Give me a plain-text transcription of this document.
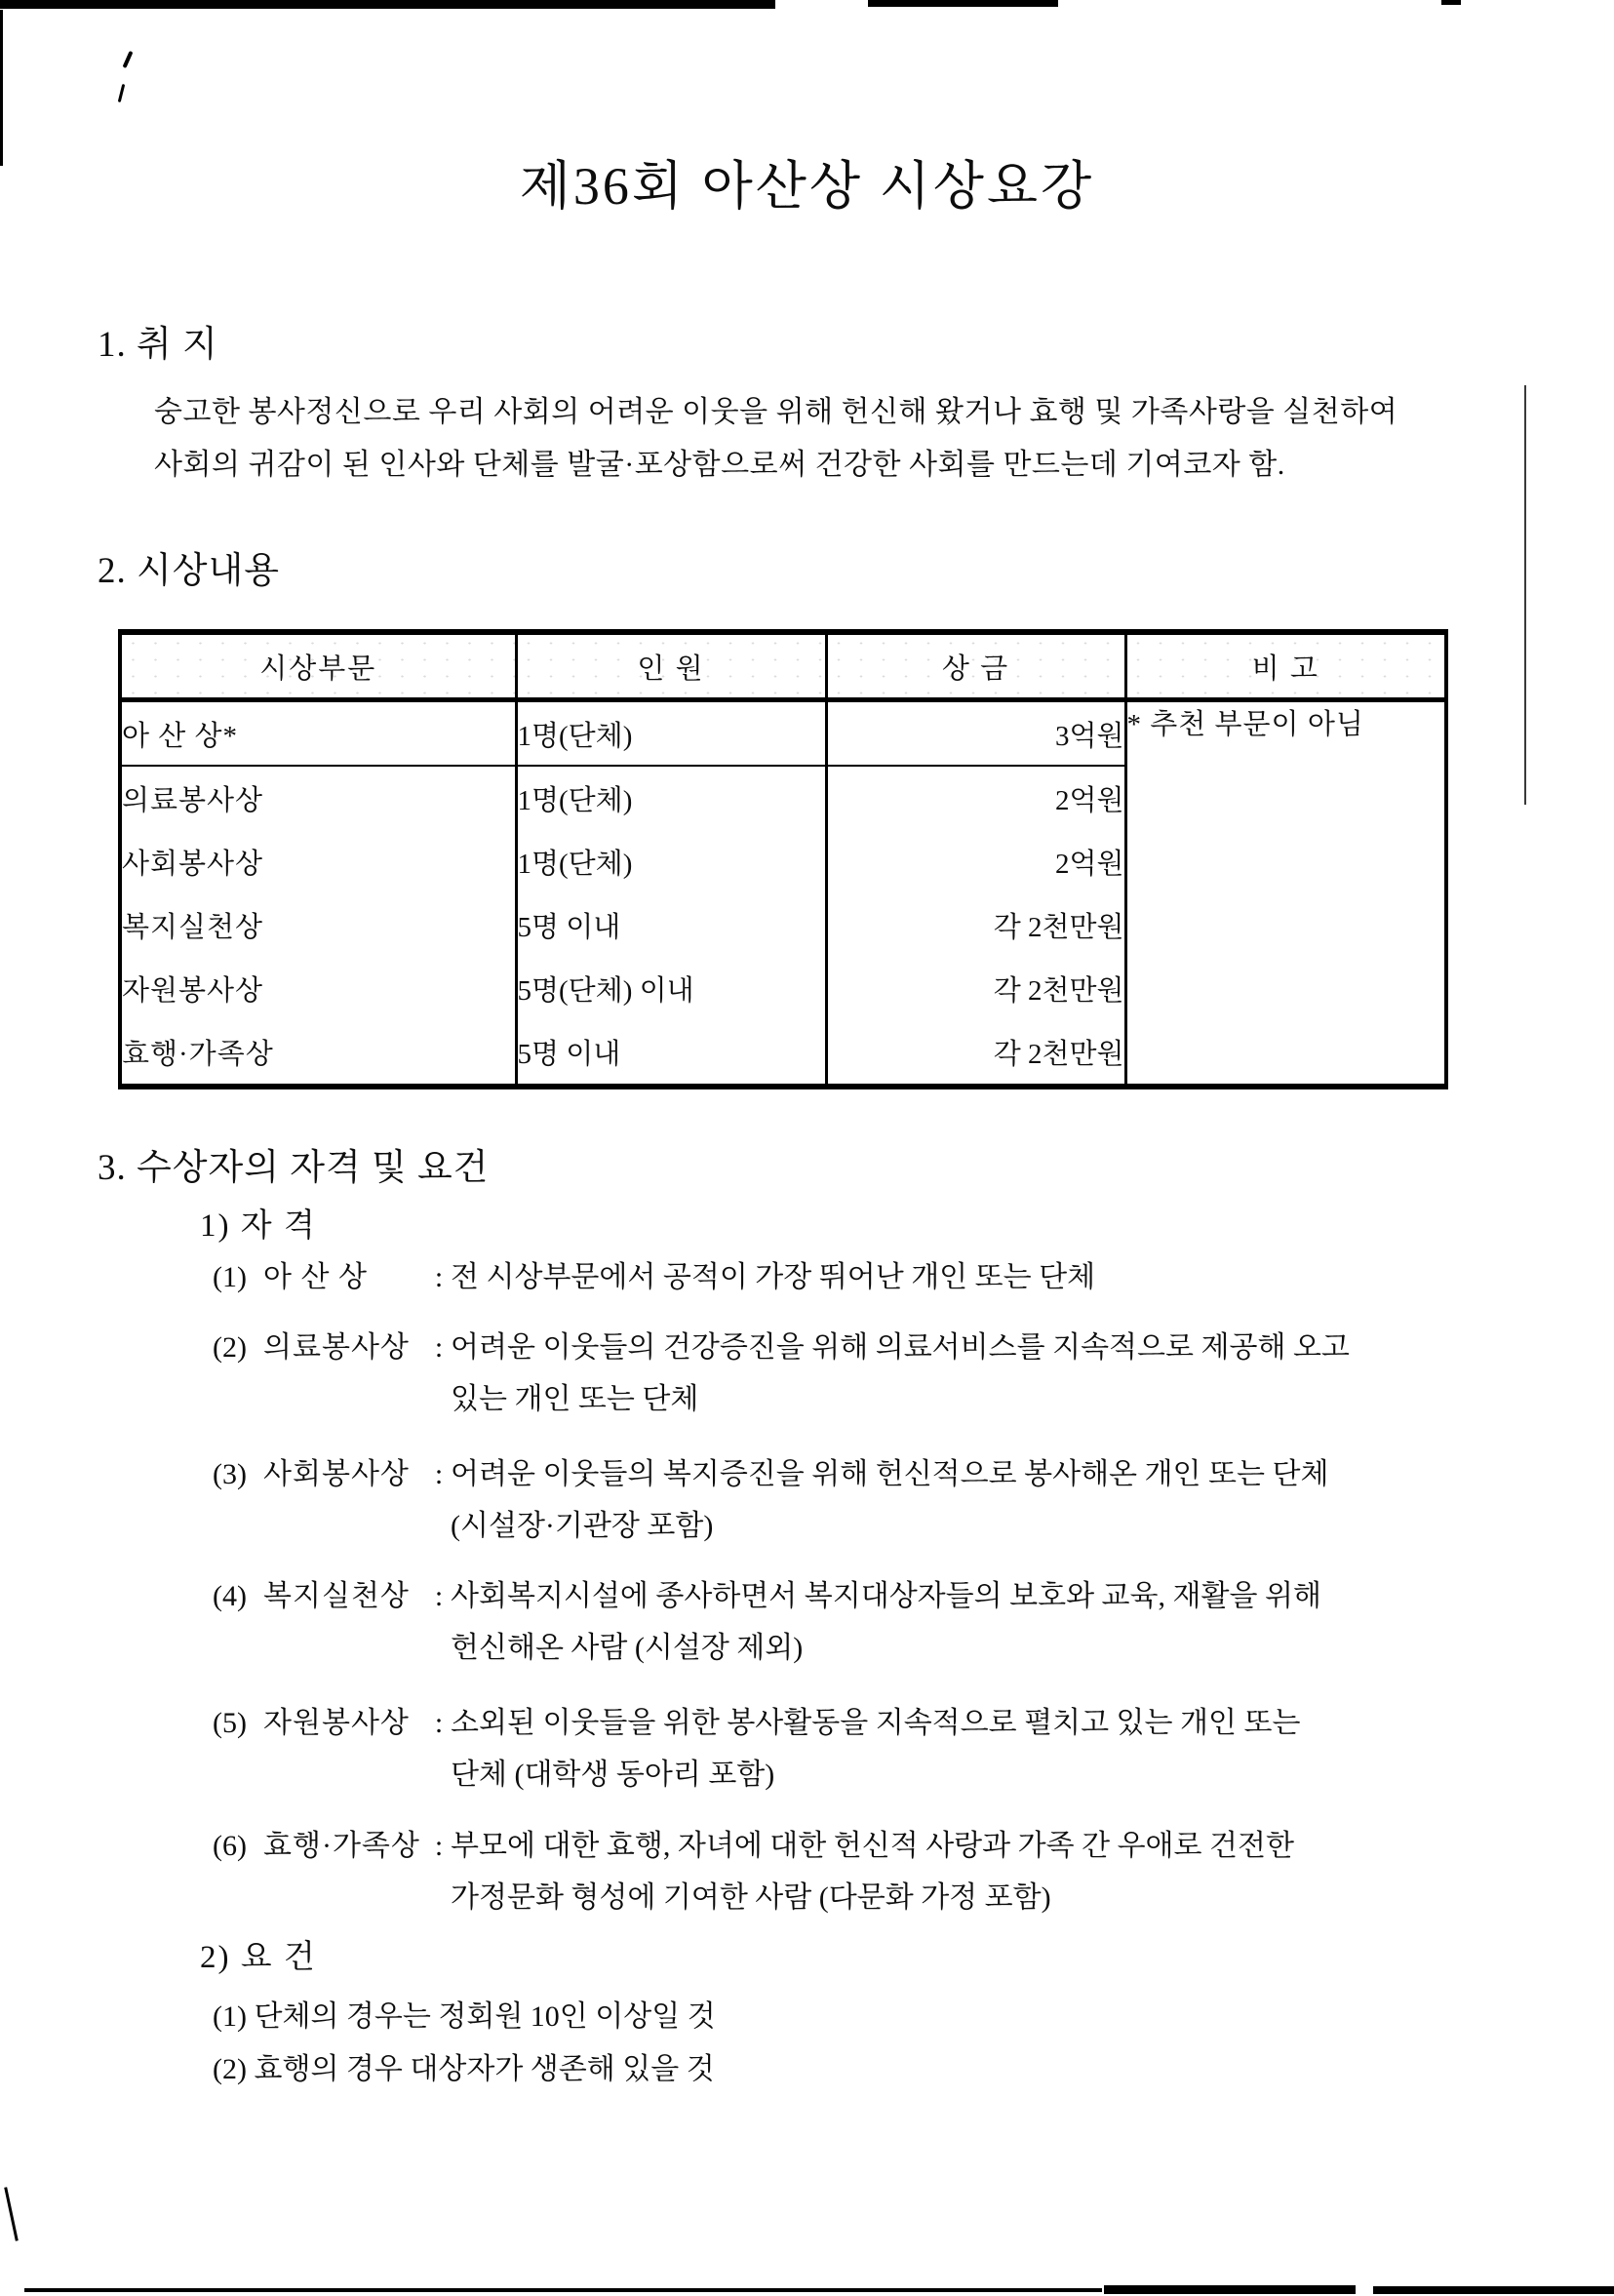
제36회 아산상 시상요강
1. 취 지
숭고한 봉사정신으로 우리 사회의 어려운 이웃을 위해 헌신해 왔거나 효행 및 가족사랑을 실천하여
사회의 귀감이 된 인사와 단체를 발굴·포상함으로써 건강한 사회를 만드는데 기여코자 함.
2. 시상내용
시상부문	인 원	상 금	비 고
아 산 상*	1명(단체)	3억원	* 추천 부문이 아님
의료봉사상	1명(단체)	2억원	
사회봉사상	1명(단체)	2억원	
복지실천상	5명 이내	각 2천만원	
자원봉사상	5명(단체) 이내	각 2천만원	
효행·가족상	5명 이내	각 2천만원	
3. 수상자의 자격 및 요건
1) 자 격
(1) 아 산 상	: 전 시상부문에서 공적이 가장 뛰어난 개인 또는 단체
(2) 의료봉사상 : 어려운 이웃들의 건강증진을 위해 의료서비스를 지속적으로 제공해 오고
있는 개인 또는 단체
(3) 사회봉사상 : 어려운 이웃들의 복지증진을 위해 헌신적으로 봉사해온 개인 또는 단체
(시설장·기관장 포함)
(4) 복지실천상 : 사회복지시설에 종사하면서 복지대상자들의 보호와 교육, 재활을 위해
헌신해온 사람 (시설장 제외)
(5) 자원봉사상 : 소외된 이웃들을 위한 봉사활동을 지속적으로 펼치고 있는 개인 또는
단체 (대학생 동아리 포함)
(6) 효행·가족상 : 부모에 대한 효행, 자녀에 대한 헌신적 사랑과 가족 간 우애로 건전한
가정문화 형성에 기여한 사람 (다문화 가정 포함)
2) 요 건
(1) 단체의 경우는 정회원 10인 이상일 것
(2) 효행의 경우 대상자가 생존해 있을 것
